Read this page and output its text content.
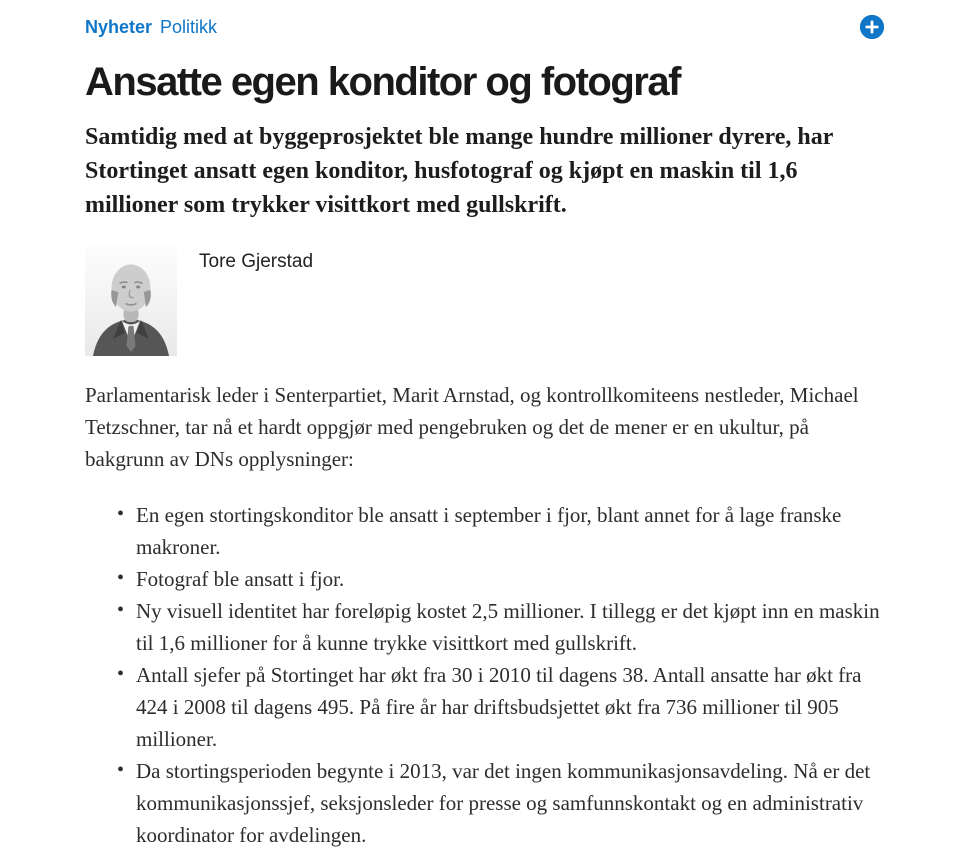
Nyheter Politikk
Ansatte egen konditor og fotograf

Samtidig med at byggeprosjektet ble mange hundre millioner dyrere, har Stortinget ansatt egen konditor, husfotograf og kjøpt en maskin til 1,6 millioner som trykker visittkort med gullskrift.

Tore Gjerstad

Parlamentarisk leder i Senterpartiet, Marit Arnstad, og kontrollkomiteens nestleder, Michael Tetzschner, tar nå et hardt oppgjør med pengebruken og det de mener er en ukultur, på bakgrunn av DNs opplysninger:

• En egen stortingskonditor ble ansatt i september i fjor, blant annet for å lage franske makroner.
• Fotograf ble ansatt i fjor.
• Ny visuell identitet har foreløpig kostet 2,5 millioner. I tillegg er det kjøpt inn en maskin til 1,6 millioner for å kunne trykke visittkort med gullskrift.
• Antall sjefer på Stortinget har økt fra 30 i 2010 til dagens 38. Antall ansatte har økt fra 424 i 2008 til dagens 495. På fire år har driftsbudsjettet økt fra 736 millioner til 905 millioner.
• Da stortingsperioden begynte i 2013, var det ingen kommunikasjonsavdeling. Nå er det kommunikasjonssjef, seksjonsleder for presse og samfunnskontakt og en administrativ koordinator for avdelingen.
